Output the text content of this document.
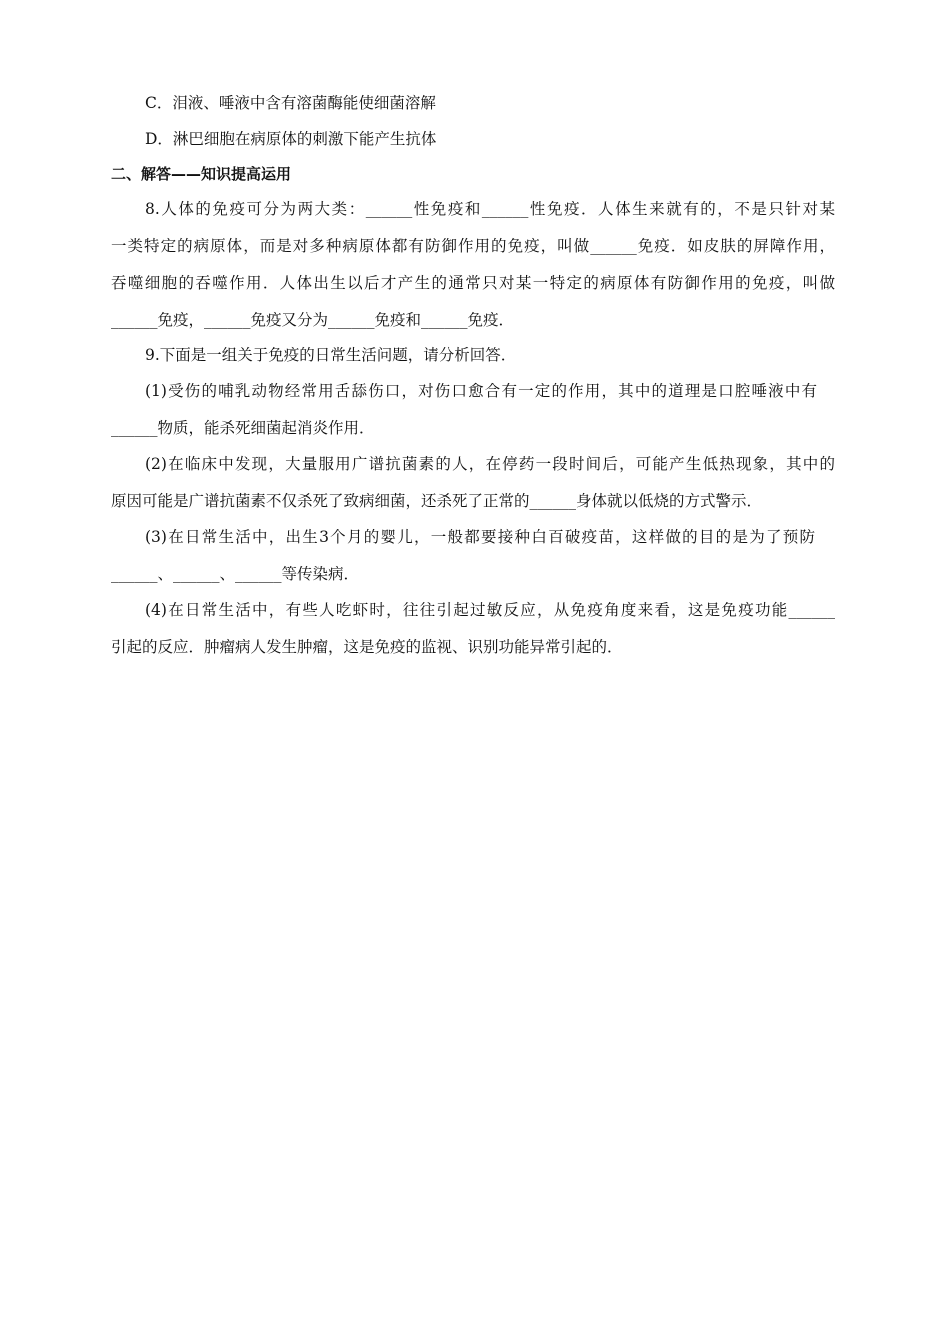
C．泪液、唾液中含有溶菌酶能使细菌溶解
D．淋巴细胞在病原体的刺激下能产生抗体
二、解答——知识提高运用
8.人体的免疫可分为两大类：______性免疫和______性免疫．人体生来就有的，不是只针对某
一类特定的病原体，而是对多种病原体都有防御作用的免疫，叫做______免疫．如皮肤的屏障作用，
吞噬细胞的吞噬作用．人体出生以后才产生的通常只对某一特定的病原体有防御作用的免疫，叫做
______免疫，______免疫又分为______免疫和______免疫．
9.下面是一组关于免疫的日常生活问题，请分析回答．
(1)受伤的哺乳动物经常用舌舔伤口，对伤口愈合有一定的作用，其中的道理是口腔唾液中有
______物质，能杀死细菌起消炎作用．
(2)在临床中发现，大量服用广谱抗菌素的人，在停药一段时间后，可能产生低热现象，其中的
原因可能是广谱抗菌素不仅杀死了致病细菌，还杀死了正常的______身体就以低烧的方式警示．
(3)在日常生活中，出生3个月的婴儿，一般都要接种白百破疫苗，这样做的目的是为了预防
______、______、______等传染病．
(4)在日常生活中，有些人吃虾时，往往引起过敏反应，从免疫角度来看，这是免疫功能______
引起的反应．肿瘤病人发生肿瘤，这是免疫的监视、识别功能异常引起的．
